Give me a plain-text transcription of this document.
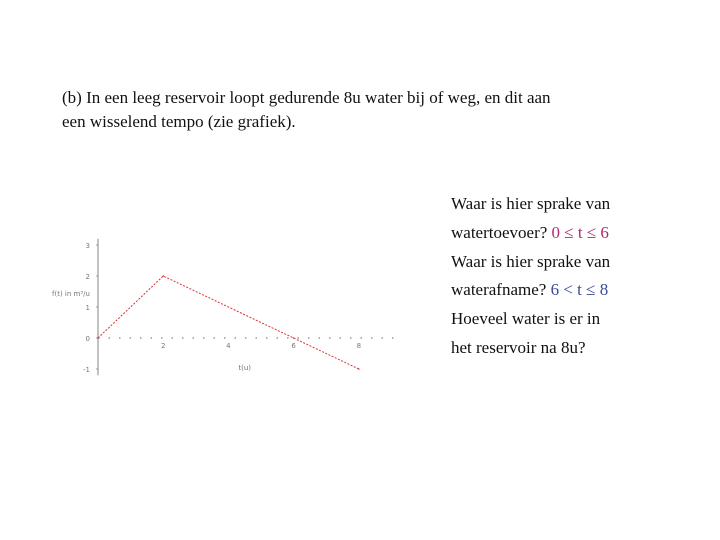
(b) In een leeg reservoir loopt gedurende 8u water bij of weg, en dit aan
een wisselend tempo (zie grafiek).
3
2
1
0
-1
2	4	6	8
f(t) in m³/u
t(u)
Waar is hier sprake van
watertoevoer? 0 ≤ t ≤ 6
Waar is hier sprake van
waterafname? 6 < t ≤ 8
Hoeveel water is er in
het reservoir na 8u?
